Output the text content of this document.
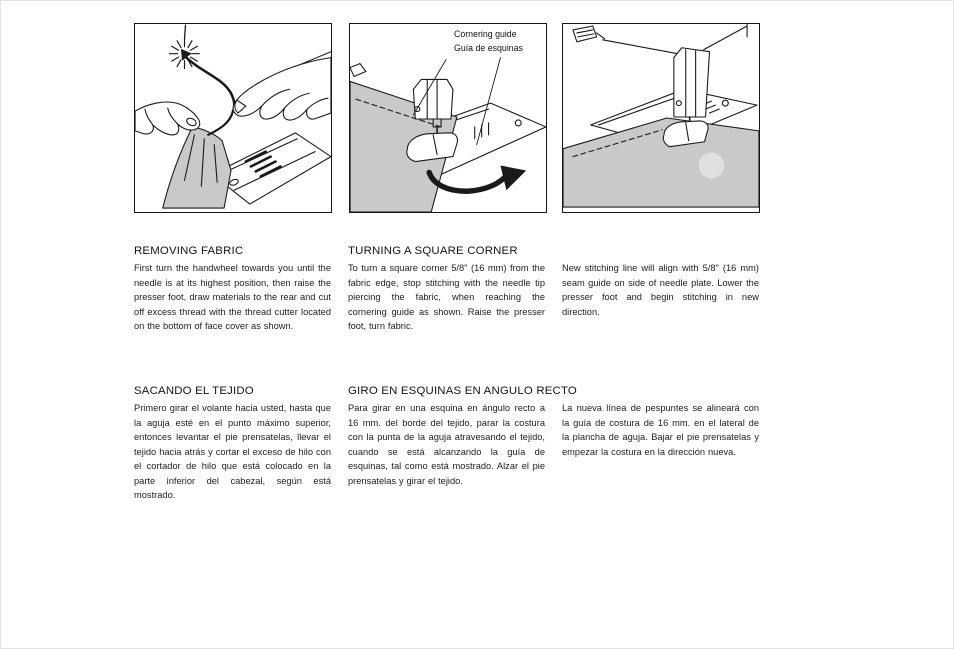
Cornering guide
Guía de esquinas
REMOVING FABRIC

First turn the handwheel towards you until the needle is at its highest position, then raise the presser foot, draw materials to the rear and cut off excess thread with the thread cutter located on the bottom of face cover as shown.

TURNING A SQUARE CORNER

To turn a square corner 5/8" (16 mm) from the fabric edge, stop stitching with the needle tip piercing the fabric, when reaching the cornering guide as shown. Raise the presser foot, turn fabric.

New stitching line will align with 5/8" (16 mm) seam guide on side of needle plate. Lower the presser foot and begin stitching in new direction.

SACANDO EL TEJIDO

Primero girar el volante hacia usted, hasta que la aguja esté en el punto máximo superior, entonces levantar el pie prensatelas, llevar el tejido hacia atrás y cortar el exceso de hilo con el cortador de hilo que está colocado en la parte inferior del cabezal, según está mostrado.

GIRO EN ESQUINAS EN ANGULO RECTO

Para girar en una esquina en ángulo recto a 16 mm. del borde del tejido, parar la costura con la punta de la aguja atravesando el tejido, cuando se está alcanzando la guía de esquinas, tal como está mostrado. Alzar el pie prensatelas y girar el tejido.

La nueva línea de pespuntes se alineará con la guía de costura de 16 mm. en el lateral de la plancha de aguja. Bajar el pie prensatelas y empezar la costura en la dirección nueva.
